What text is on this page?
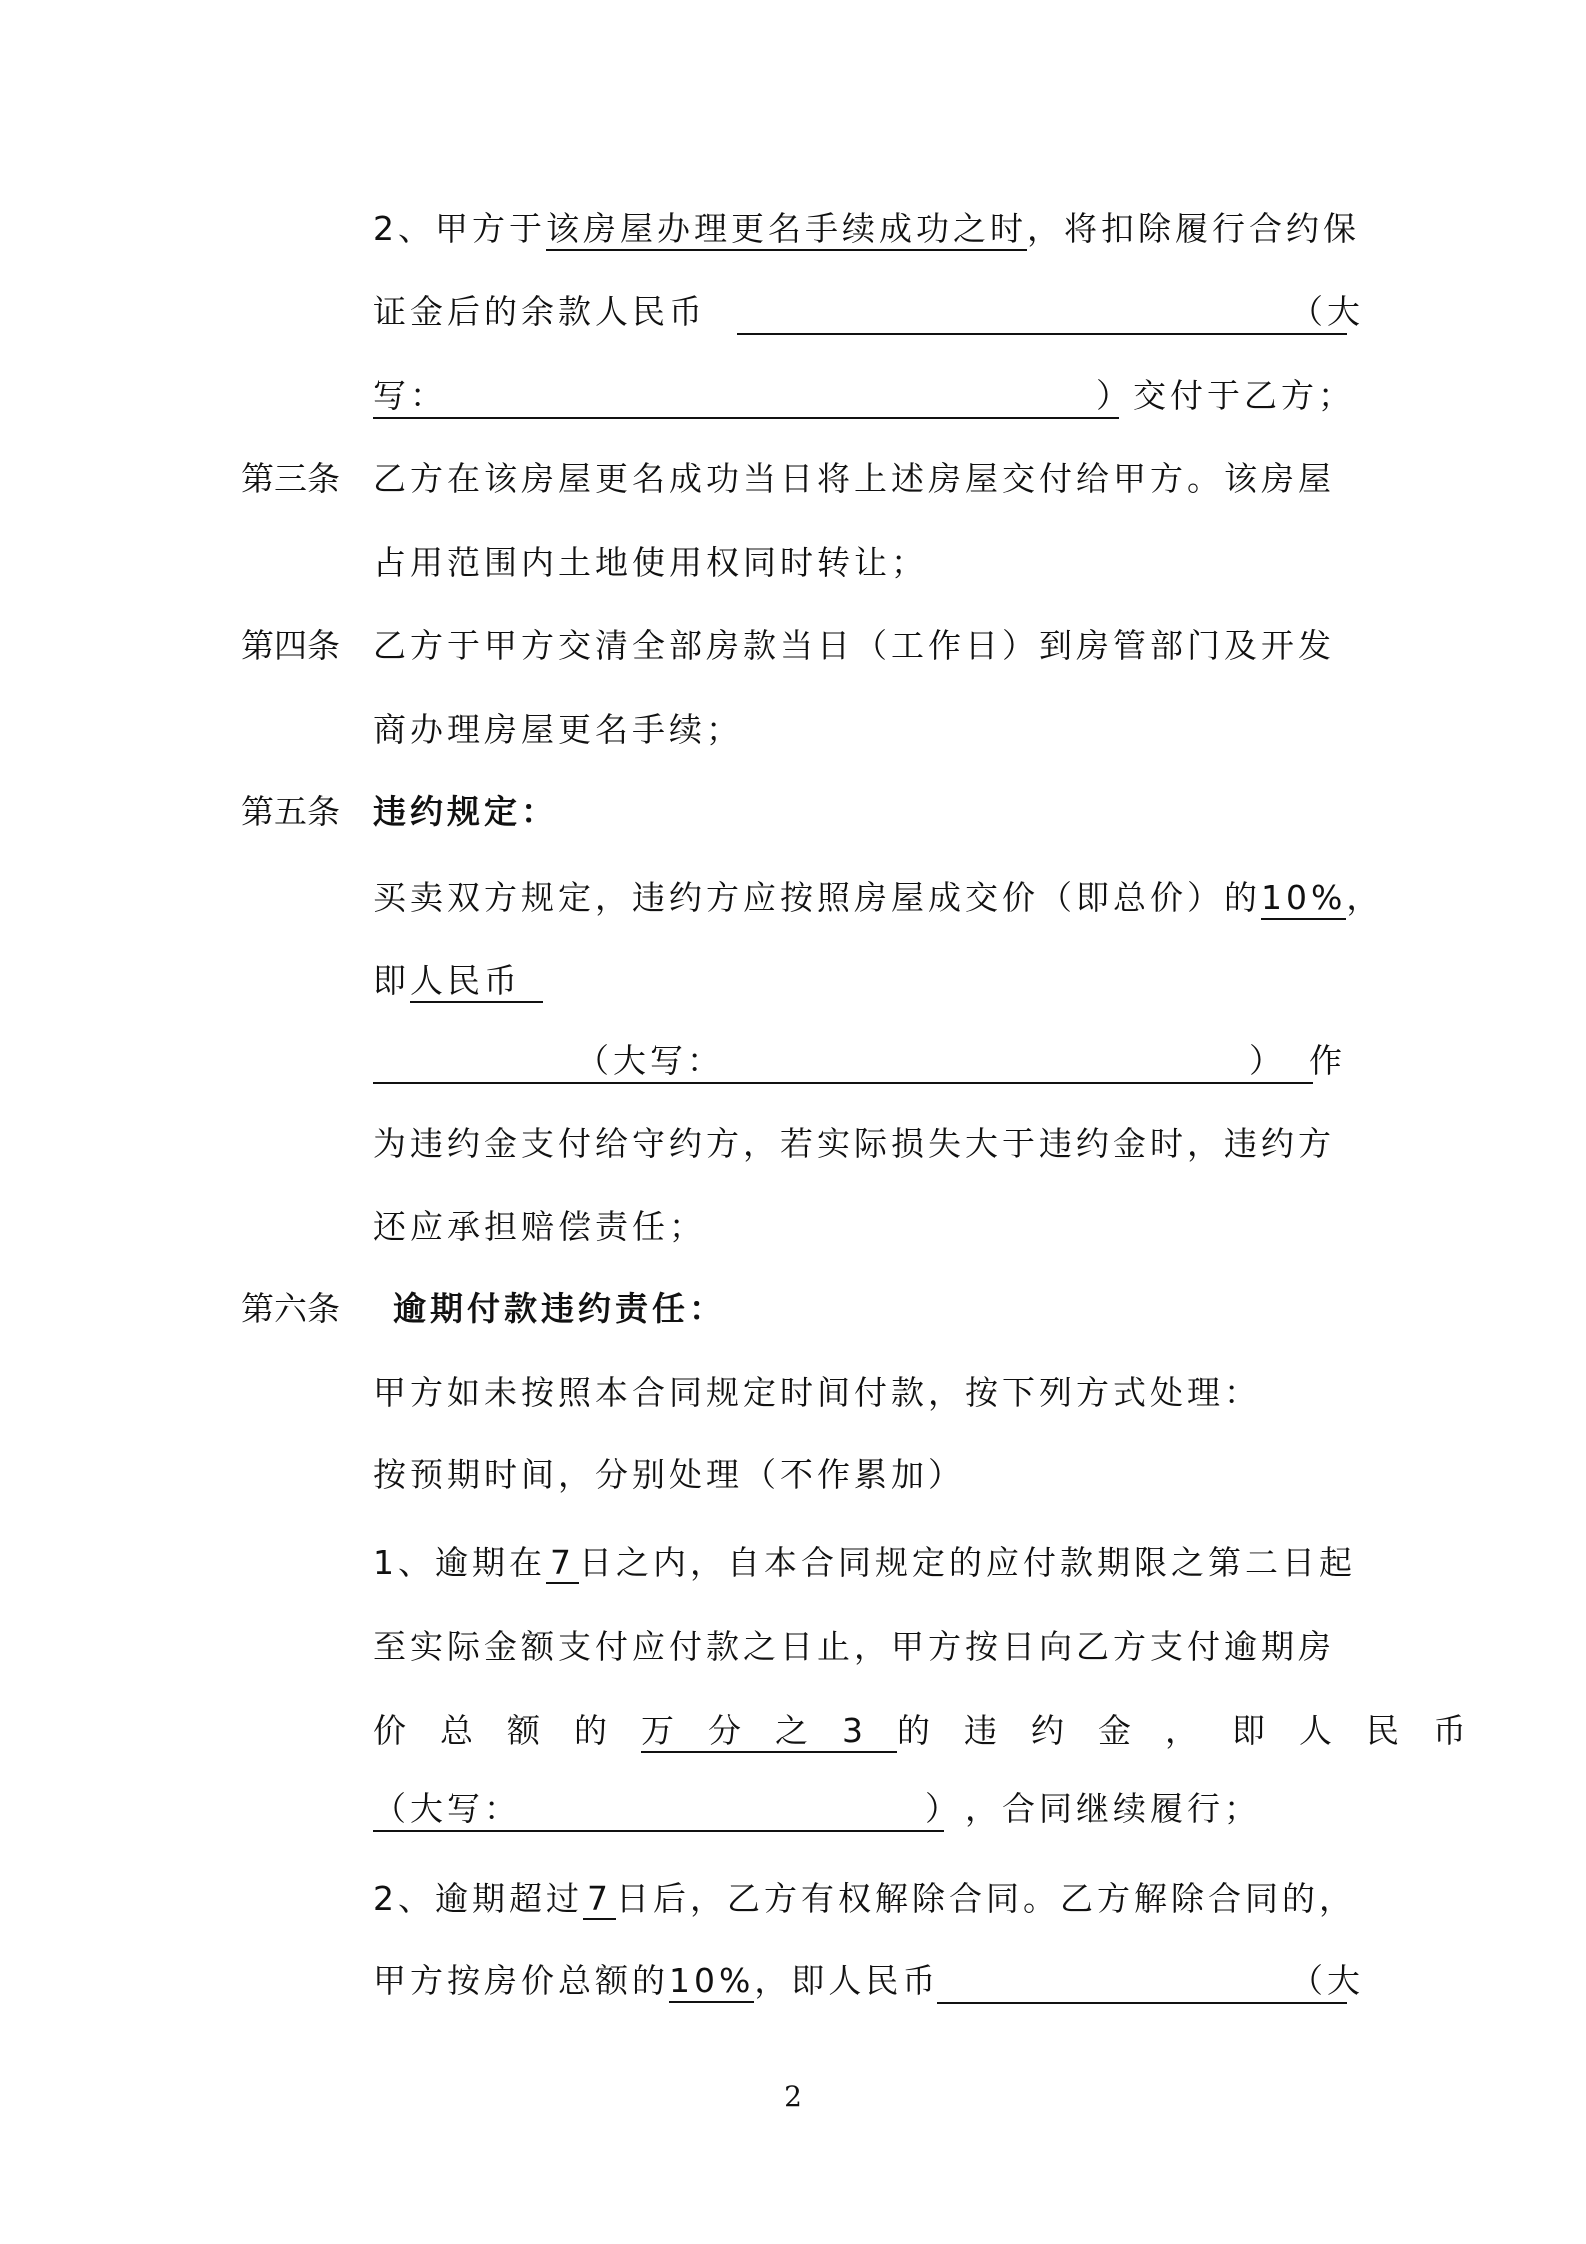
2、甲方于该房屋办理更名手续成功之时，将扣除履行合约保
证金后的余款人民币	（大
写：	）交付于乙方；
第三条 乙方在该房屋更名成功当日将上述房屋交付给甲方。该房屋
占用范围内土地使用权同时转让；
第四条 乙方于甲方交清全部房款当日（工作日）到房管部门及开发
商办理房屋更名手续；
第五条 违约规定：
买卖双方规定，违约方应按照房屋成交价（即总价）的10%，
即人民币
（大写：	） 作
为违约金支付给守约方，若实际损失大于违约金时，违约方
还应承担赔偿责任；
第六条 逾期付款违约责任：
甲方如未按照本合同规定时间付款，按下列方式处理：
按预期时间，分别处理（不作累加）
1、逾期在 7 日之内，自本合同规定的应付款期限之第二日起
至实际金额支付应付款之日止，甲方按日向乙方支付逾期房
价总额的万分之3的违约金，即人民币
（大写：	） ，合同继续履行；
2、逾期超过 7 日后，乙方有权解除合同。乙方解除合同的，
甲方按房价总额的10%，即人民币	（大
2
